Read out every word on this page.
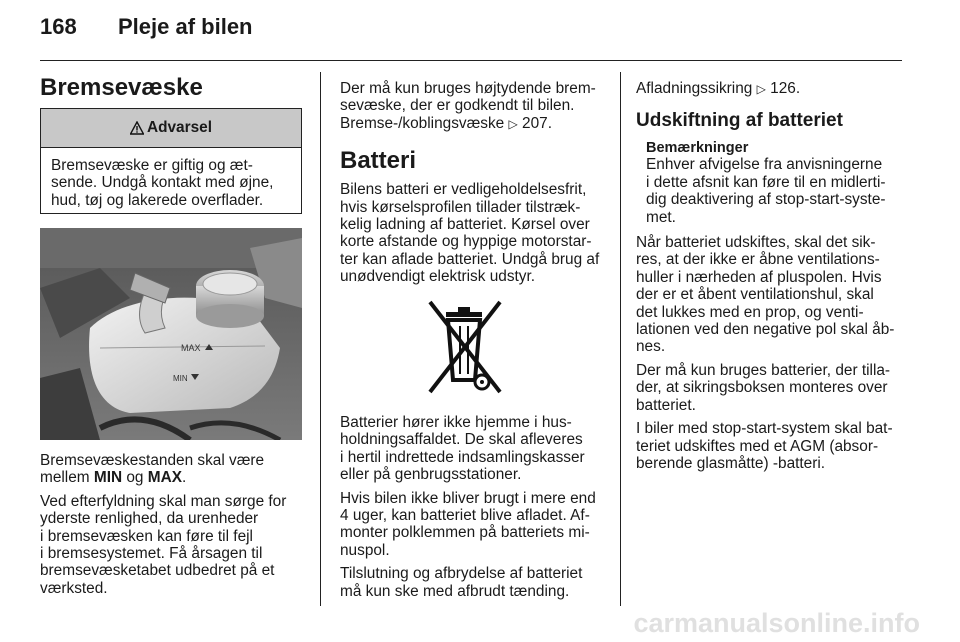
168 Pleje af bilen
Bremsevæske
Advarsel
Bremsevæske er giftig og æt-
sende. Undgå kontakt med øjne,
hud, tøj og lakerede overflader.
MAX
MIN

Bremsevæskestanden skal være
mellem MIN og MAX.

Ved efterfyldning skal man sørge for
yderste renlighed, da urenheder
i bremsevæsken kan føre til fejl
i bremsesystemet. Få årsagen til
bremsevæsketabet udbedret på et
værksted.

Der må kun bruges højtydende brem-
sevæske, der er godkendt til bilen.
Bremse-/koblingsvæske ▷ 207.

Batteri

Bilens batteri er vedligeholdelsesfrit,
hvis kørselsprofilen tillader tilstræk-
kelig ladning af batteriet. Kørsel over
korte afstande og hyppige motorstar-
ter kan aflade batteriet. Undgå brug af
unødvendigt elektrisk udstyr.

Batterier hører ikke hjemme i hus-
holdningsaffaldet. De skal afleveres
i hertil indrettede indsamlingskasser
eller på genbrugsstationer.

Hvis bilen ikke bliver brugt i mere end
4 uger, kan batteriet blive afladet. Af-
monter polklemmen på batteriets mi-
nuspol.

Tilslutning og afbrydelse af batteriet
må kun ske med afbrudt tænding.

Afladningssikring ▷ 126.

Udskiftning af batteriet
Bemærkninger

Enhver afvigelse fra anvisningerne
i dette afsnit kan føre til en midlerti-
dig deaktivering af stop-start-syste-
met.

Når batteriet udskiftes, skal det sik-
res, at der ikke er åbne ventilations-
huller i nærheden af pluspolen. Hvis
der er et åbent ventilationshul, skal
det lukkes med en prop, og venti-
lationen ved den negative pol skal åb-
nes.

Der må kun bruges batterier, der tilla-
der, at sikringsboksen monteres over
batteriet.

I biler med stop-start-system skal bat-
teriet udskiftes med et AGM (absor-
berende glasmåtte) -batteri.

carmanualsonline.info
